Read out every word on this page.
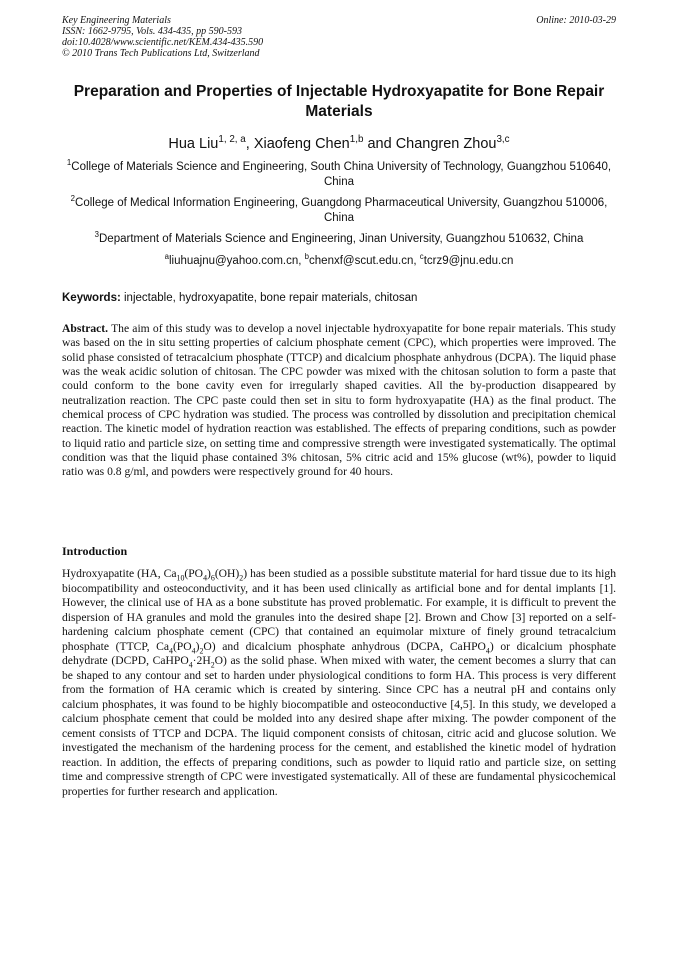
Key Engineering Materials
ISSN: 1662-9795, Vols. 434-435, pp 590-593
doi:10.4028/www.scientific.net/KEM.434-435.590
© 2010 Trans Tech Publications Ltd, Switzerland
Online: 2010-03-29
Preparation and Properties of Injectable Hydroxyapatite for Bone Repair Materials
Hua Liu$^{1, 2, a}$, Xiaofeng Chen$^{1,b}$ and Changren Zhou$^{3,c}$
$^1$College of Materials Science and Engineering, South China University of Technology, Guangzhou 510640, China
$^2$College of Medical Information Engineering, Guangdong Pharmaceutical University, Guangzhou 510006, China
$^3$Department of Materials Science and Engineering, Jinan University, Guangzhou 510632, China
$^a$liuhuajnu@yahoo.com.cn, $^b$chenxf@scut.edu.cn, $^c$tcrz9@jnu.edu.cn
Keywords: injectable, hydroxyapatite, bone repair materials, chitosan

Abstract. The aim of this study was to develop a novel injectable hydroxyapatite for bone repair materials. This study was based on the in situ setting properties of calcium phosphate cement (CPC), which properties were improved. The solid phase consisted of tetracalcium phosphate (TTCP) and dicalcium phosphate anhydrous (DCPA). The liquid phase was the weak acidic solution of chitosan. The CPC powder was mixed with the chitosan solution to form a paste that could conform to the bone cavity even for irregularly shaped cavities. All the by-production disappeared by neutralization reaction. The CPC paste could then set in situ to form hydroxyapatite (HA) as the final product. The chemical process of CPC hydration was studied. The process was controlled by dissolution and precipitation chemical reaction. The kinetic model of hydration reaction was established. The effects of preparing conditions, such as powder to liquid ratio and particle size, on setting time and compressive strength were investigated systematically. The optimal condition was that the liquid phase contained 3% chitosan, 5% citric acid and 15% glucose (wt%), powder to liquid ratio was 0.8 g/ml, and powders were respectively ground for 40 hours.

Introduction

Hydroxyapatite (HA, $Ca_{10}(PO_4)_6(OH)_2$) has been studied as a possible substitute material for hard tissue due to its high biocompatibility and osteoconductivity, and it has been used clinically as artificial bone and for dental implants [1]. However, the clinical use of HA as a bone substitute has proved problematic. For example, it is difficult to prevent the dispersion of HA granules and mold the granules into the desired shape [2]. Brown and Chow [3] reported on a self-hardening calcium phosphate cement (CPC) that contained an equimolar mixture of finely ground tetracalcium phosphate (TTCP, $Ca_4(PO_4)_2O$) and dicalcium phosphate anhydrous (DCPA, CaHPO$_4$) or dicalcium phosphate dehydrate (DCPD, $CaHPO_4\cdot 2H_2O$) as the solid phase. When mixed with water, the cement becomes a slurry that can be shaped to any contour and set to harden under physiological conditions to form HA. This process is very different from the formation of HA ceramic which is created by sintering. Since CPC has a neutral pH and contains only calcium phosphates, it was found to be highly biocompatible and osteoconductive [4,5]. In this study, we developed a calcium phosphate cement that could be molded into any desired shape after mixing. The powder component of the cement consists of TTCP and DCPA. The liquid component consists of chitosan, citric acid and glucose solution. We investigated the mechanism of the hardening process for the cement, and established the kinetic model of hydration reaction. In addition, the effects of preparing conditions, such as powder to liquid ratio and particle size, on setting time and compressive strength of CPC were investigated systematically. All of these are fundamental physicochemical properties for further research and application.
